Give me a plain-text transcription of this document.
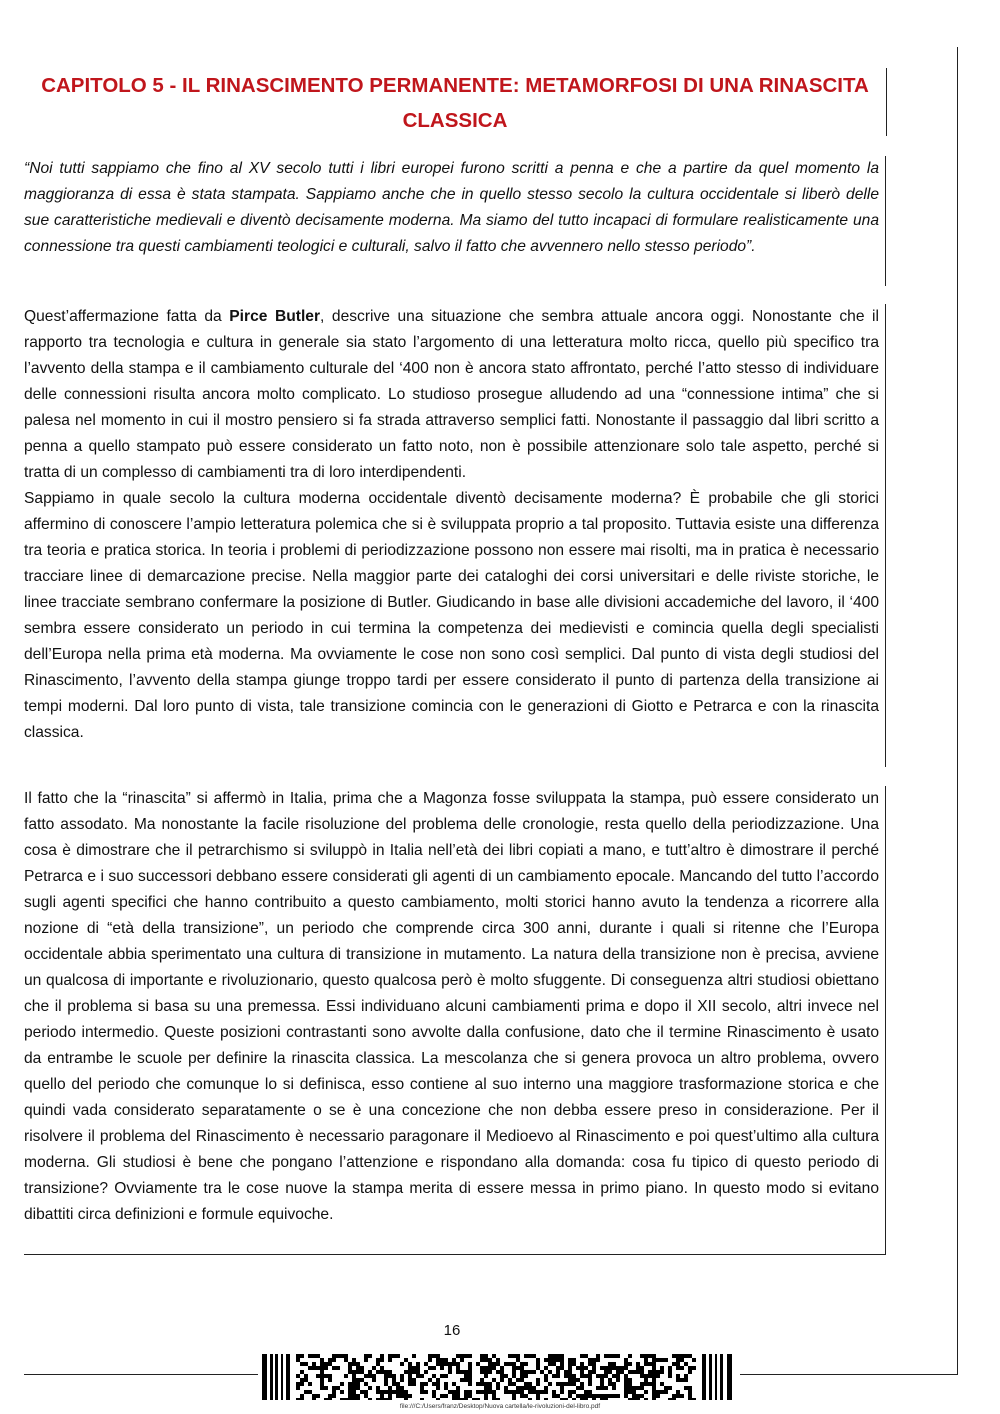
CAPITOLO 5 - IL RINASCIMENTO PERMANENTE: METAMORFOSI DI UNA RINASCITA CLASSICA

“Noi tutti sappiamo che fino al XV secolo tutti i libri europei furono scritti a penna e che a partire da quel momento la maggioranza di essa è stata stampata. Sappiamo anche che in quello stesso secolo la cultura occidentale si liberò delle sue caratteristiche medievali e diventò decisamente moderna. Ma siamo del tutto incapaci di formulare realisticamente una connessione tra questi cambiamenti teologici e culturali, salvo il fatto che avvennero nello stesso periodo”.

Quest’affermazione fatta da Pirce Butler, descrive una situazione che sembra attuale ancora oggi. Nonostante che il rapporto tra tecnologia e cultura in generale sia stato l’argomento di una letteratura molto ricca, quello più specifico tra l’avvento della stampa e il cambiamento culturale del ‘400 non è ancora stato affrontato, perché l’atto stesso di individuare delle connessioni risulta ancora molto complicato. Lo studioso prosegue alludendo ad una “connessione intima” che si palesa nel momento in cui il mostro pensiero si fa strada attraverso semplici fatti. Nonostante il passaggio dal libri scritto a penna a quello stampato può essere considerato un fatto noto, non è possibile attenzionare solo tale aspetto, perché si tratta di un complesso di cambiamenti tra di loro interdipendenti.

Sappiamo in quale secolo la cultura moderna occidentale diventò decisamente moderna? È probabile che gli storici affermino di conoscere l’ampio letteratura polemica che si è sviluppata proprio a tal proposito. Tuttavia esiste una differenza tra teoria e pratica storica. In teoria i problemi di periodizzazione possono non essere mai risolti, ma in pratica è necessario tracciare linee di demarcazione precise. Nella maggior parte dei cataloghi dei corsi universitari e delle riviste storiche, le linee tracciate sembrano confermare la posizione di Butler. Giudicando in base alle divisioni accademiche del lavoro, il ‘400 sembra essere considerato un periodo in cui termina la competenza dei medievisti e comincia quella degli specialisti dell’Europa nella prima età moderna. Ma ovviamente le cose non sono così semplici. Dal punto di vista degli studiosi del Rinascimento, l’avvento della stampa giunge troppo tardi per essere considerato il punto di partenza della transizione ai tempi moderni. Dal loro punto di vista, tale transizione comincia con le generazioni di Giotto e Petrarca e con la rinascita classica.

Il fatto che la “rinascita” si affermò in Italia, prima che a Magonza fosse sviluppata la stampa, può essere considerato un fatto assodato. Ma nonostante la facile risoluzione del problema delle cronologie, resta quello della periodizzazione. Una cosa è dimostrare che il petrarchismo si sviluppò in Italia nell’età dei libri copiati a mano, e tutt’altro è dimostrare il perché Petrarca e i suo successori debbano essere considerati gli agenti di un cambiamento epocale. Mancando del tutto l’accordo sugli agenti specifici che hanno contribuito a questo cambiamento, molti storici hanno avuto la tendenza a ricorrere alla nozione di “età della transizione”, un periodo che comprende circa 300 anni, durante i quali si ritenne che l’Europa occidentale abbia sperimentato una cultura di transizione in mutamento. La natura della transizione non è precisa, avviene un qualcosa di importante e rivoluzionario, questo qualcosa però è molto sfuggente. Di conseguenza altri studiosi obiettano che il problema si basa su una premessa. Essi individuano alcuni cambiamenti prima e dopo il XII secolo, altri invece nel periodo intermedio. Queste posizioni contrastanti sono avvolte dalla confusione, dato che il termine Rinascimento è usato da entrambe le scuole per definire la rinascita classica. La mescolanza che si genera provoca un altro problema, ovvero quello del periodo che comunque lo si definisca, esso contiene al suo interno una maggiore trasformazione storica e che quindi vada considerato separatamente o se è una concezione che non debba essere preso in considerazione. Per il risolvere il problema del Rinascimento è necessario paragonare il Medioevo al Rinascimento e poi quest’ultimo alla cultura moderna. Gli studiosi è bene che pongano l’attenzione e rispondano alla domanda: cosa fu tipico di questo periodo di transizione? Ovviamente tra le cose nuove la stampa merita di essere messa in primo piano. In questo modo si evitano dibattiti circa definizioni e formule equivoche.

16
file:///C:/Users/franz/Desktop/Nuova cartella/le-rivoluzioni-del-libro.pdf
